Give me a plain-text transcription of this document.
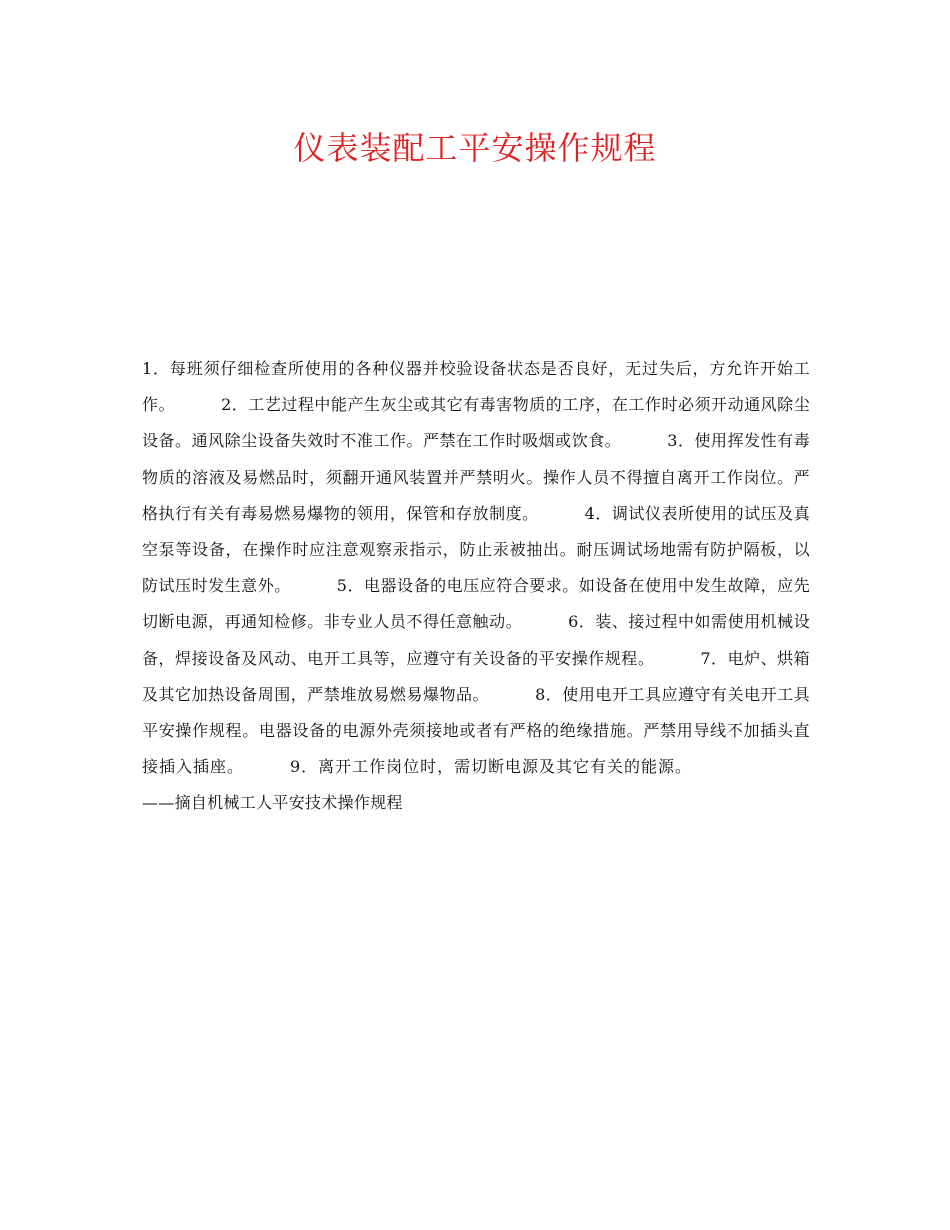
仪表装配工平安操作规程
1．每班须仔细检查所使用的各种仪器并校验设备状态是否良好，无过失后，方允许开始工作。	2．工艺过程中能产生灰尘或其它有毒害物质的工序，在工作时必须开动通风除尘设备。通风除尘设备失效时不准工作。严禁在工作时吸烟或饮食。	3．使用挥发性有毒物质的溶液及易燃品时，须翻开通风装置并严禁明火。操作人员不得擅自离开工作岗位。严格执行有关有毒易燃易爆物的领用，保管和存放制度。	4．调试仪表所使用的试压及真空泵等设备，在操作时应注意观察汞指示，防止汞被抽出。耐压调试场地需有防护隔板，以防试压时发生意外。	5．电器设备的电压应符合要求。如设备在使用中发生故障，应先切断电源，再通知检修。非专业人员不得任意触动。	6．装、接过程中如需使用机械设备，焊接设备及风动、电开工具等，应遵守有关设备的平安操作规程。	7．电炉、烘箱及其它加热设备周围，严禁堆放易燃易爆物品。	8．使用电开工具应遵守有关电开工具平安操作规程。电器设备的电源外壳须接地或者有严格的绝缘措施。严禁用导线不加插头直接插入插座。	9．离开工作岗位时，需切断电源及其它有关的能源。——摘自机械工人平安技术操作规程
